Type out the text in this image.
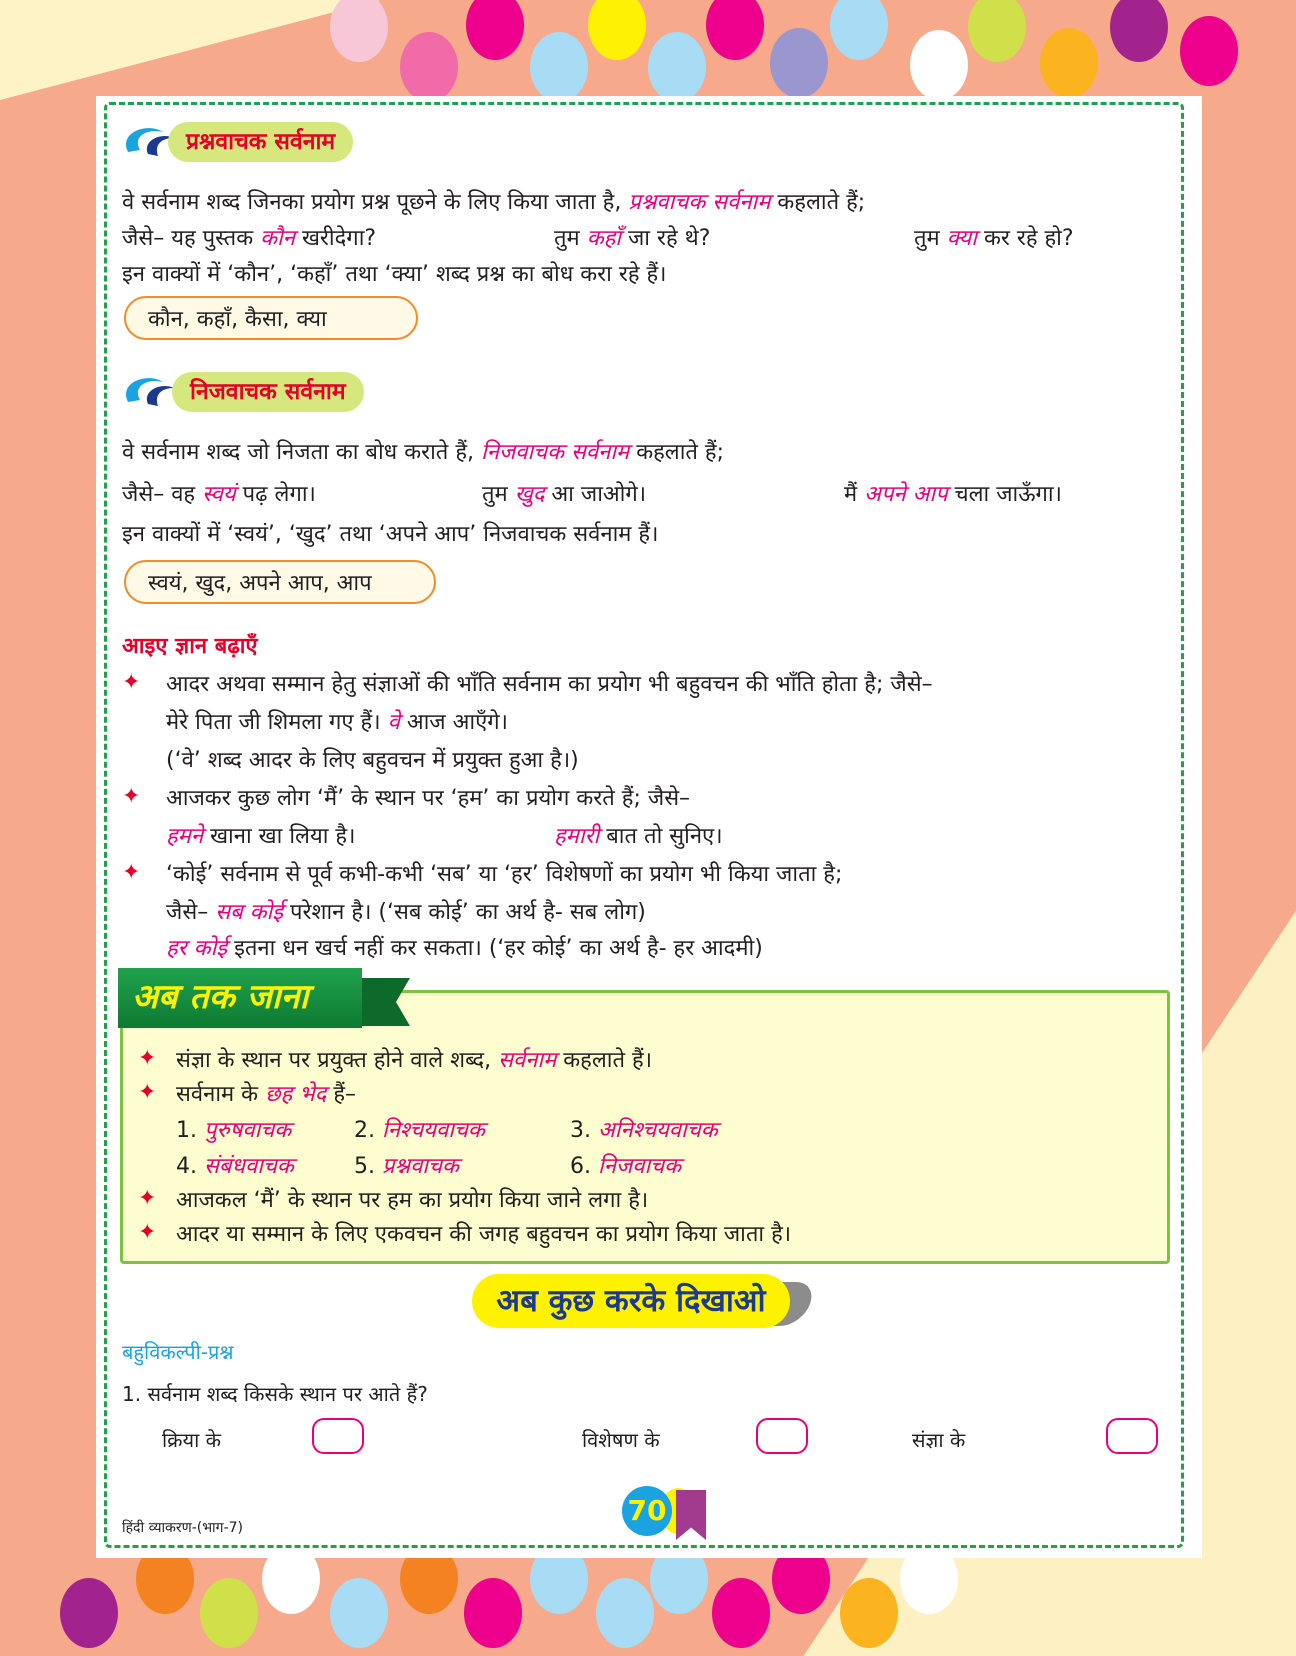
प्रश्नवाचक सर्वनाम
वे सर्वनाम शब्द जिनका प्रयोग प्रश्न पूछने के लिए किया जाता है, प्रश्नवाचक सर्वनाम कहलाते हैं;
जैसे– यह पुस्तक कौन खरीदेगा?	तुम कहाँ जा रहे थे?	तुम क्या कर रहे हो?
इन वाक्यों में ‘कौन’, ‘कहाँ’ तथा ‘क्या’ शब्द प्रश्न का बोध करा रहे हैं।
कौन, कहाँ, कैसा, क्या
निजवाचक सर्वनाम
वे सर्वनाम शब्द जो निजता का बोध कराते हैं, निजवाचक सर्वनाम कहलाते हैं;
जैसे– वह स्वयं पढ़ लेगा।	तुम खुद आ जाओगे।	मैं अपने आप चला जाऊँगा।
इन वाक्यों में ‘स्वयं’, ‘खुद’ तथा ‘अपने आप’ निजवाचक सर्वनाम हैं।
स्वयं, खुद, अपने आप, आप
आइए ज्ञान बढ़ाएँ
✦ आदर अथवा सम्मान हेतु संज्ञाओं की भाँति सर्वनाम का प्रयोग भी बहुवचन की भाँति होता है; जैसे–
मेरे पिता जी शिमला गए हैं। वे आज आएँगे।
(‘वे’ शब्द आदर के लिए बहुवचन में प्रयुक्त हुआ है।)
✦ आजकर कुछ लोग ‘मैं’ के स्थान पर ‘हम’ का प्रयोग करते हैं; जैसे–
हमने खाना खा लिया है।	हमारी बात तो सुनिए।
✦ ‘कोई’ सर्वनाम से पूर्व कभी-कभी ‘सब’ या ‘हर’ विशेषणों का प्रयोग भी किया जाता है;
जैसे– सब कोई परेशान है। (‘सब कोई’ का अर्थ है- सब लोग)
हर कोई इतना धन खर्च नहीं कर सकता। (‘हर कोई’ का अर्थ है- हर आदमी)
अब तक जाना
✦ संज्ञा के स्थान पर प्रयुक्त होने वाले शब्द, सर्वनाम कहलाते हैं।
✦ सर्वनाम के छह भेद हैं–
1. पुरुषवाचक	2. निश्चयवाचक	3. अनिश्चयवाचक
4. संबंधवाचक	5. प्रश्नवाचक	6. निजवाचक
✦ आजकल ‘मैं’ के स्थान पर हम का प्रयोग किया जाने लगा है।
✦ आदर या सम्मान के लिए एकवचन की जगह बहुवचन का प्रयोग किया जाता है।
अब कुछ करके दिखाओ
बहुविकल्पी-प्रश्न
1. सर्वनाम शब्द किसके स्थान पर आते हैं?
क्रिया के	विशेषण के	संज्ञा के
70
हिंदी व्याकरण-(भाग-7)
